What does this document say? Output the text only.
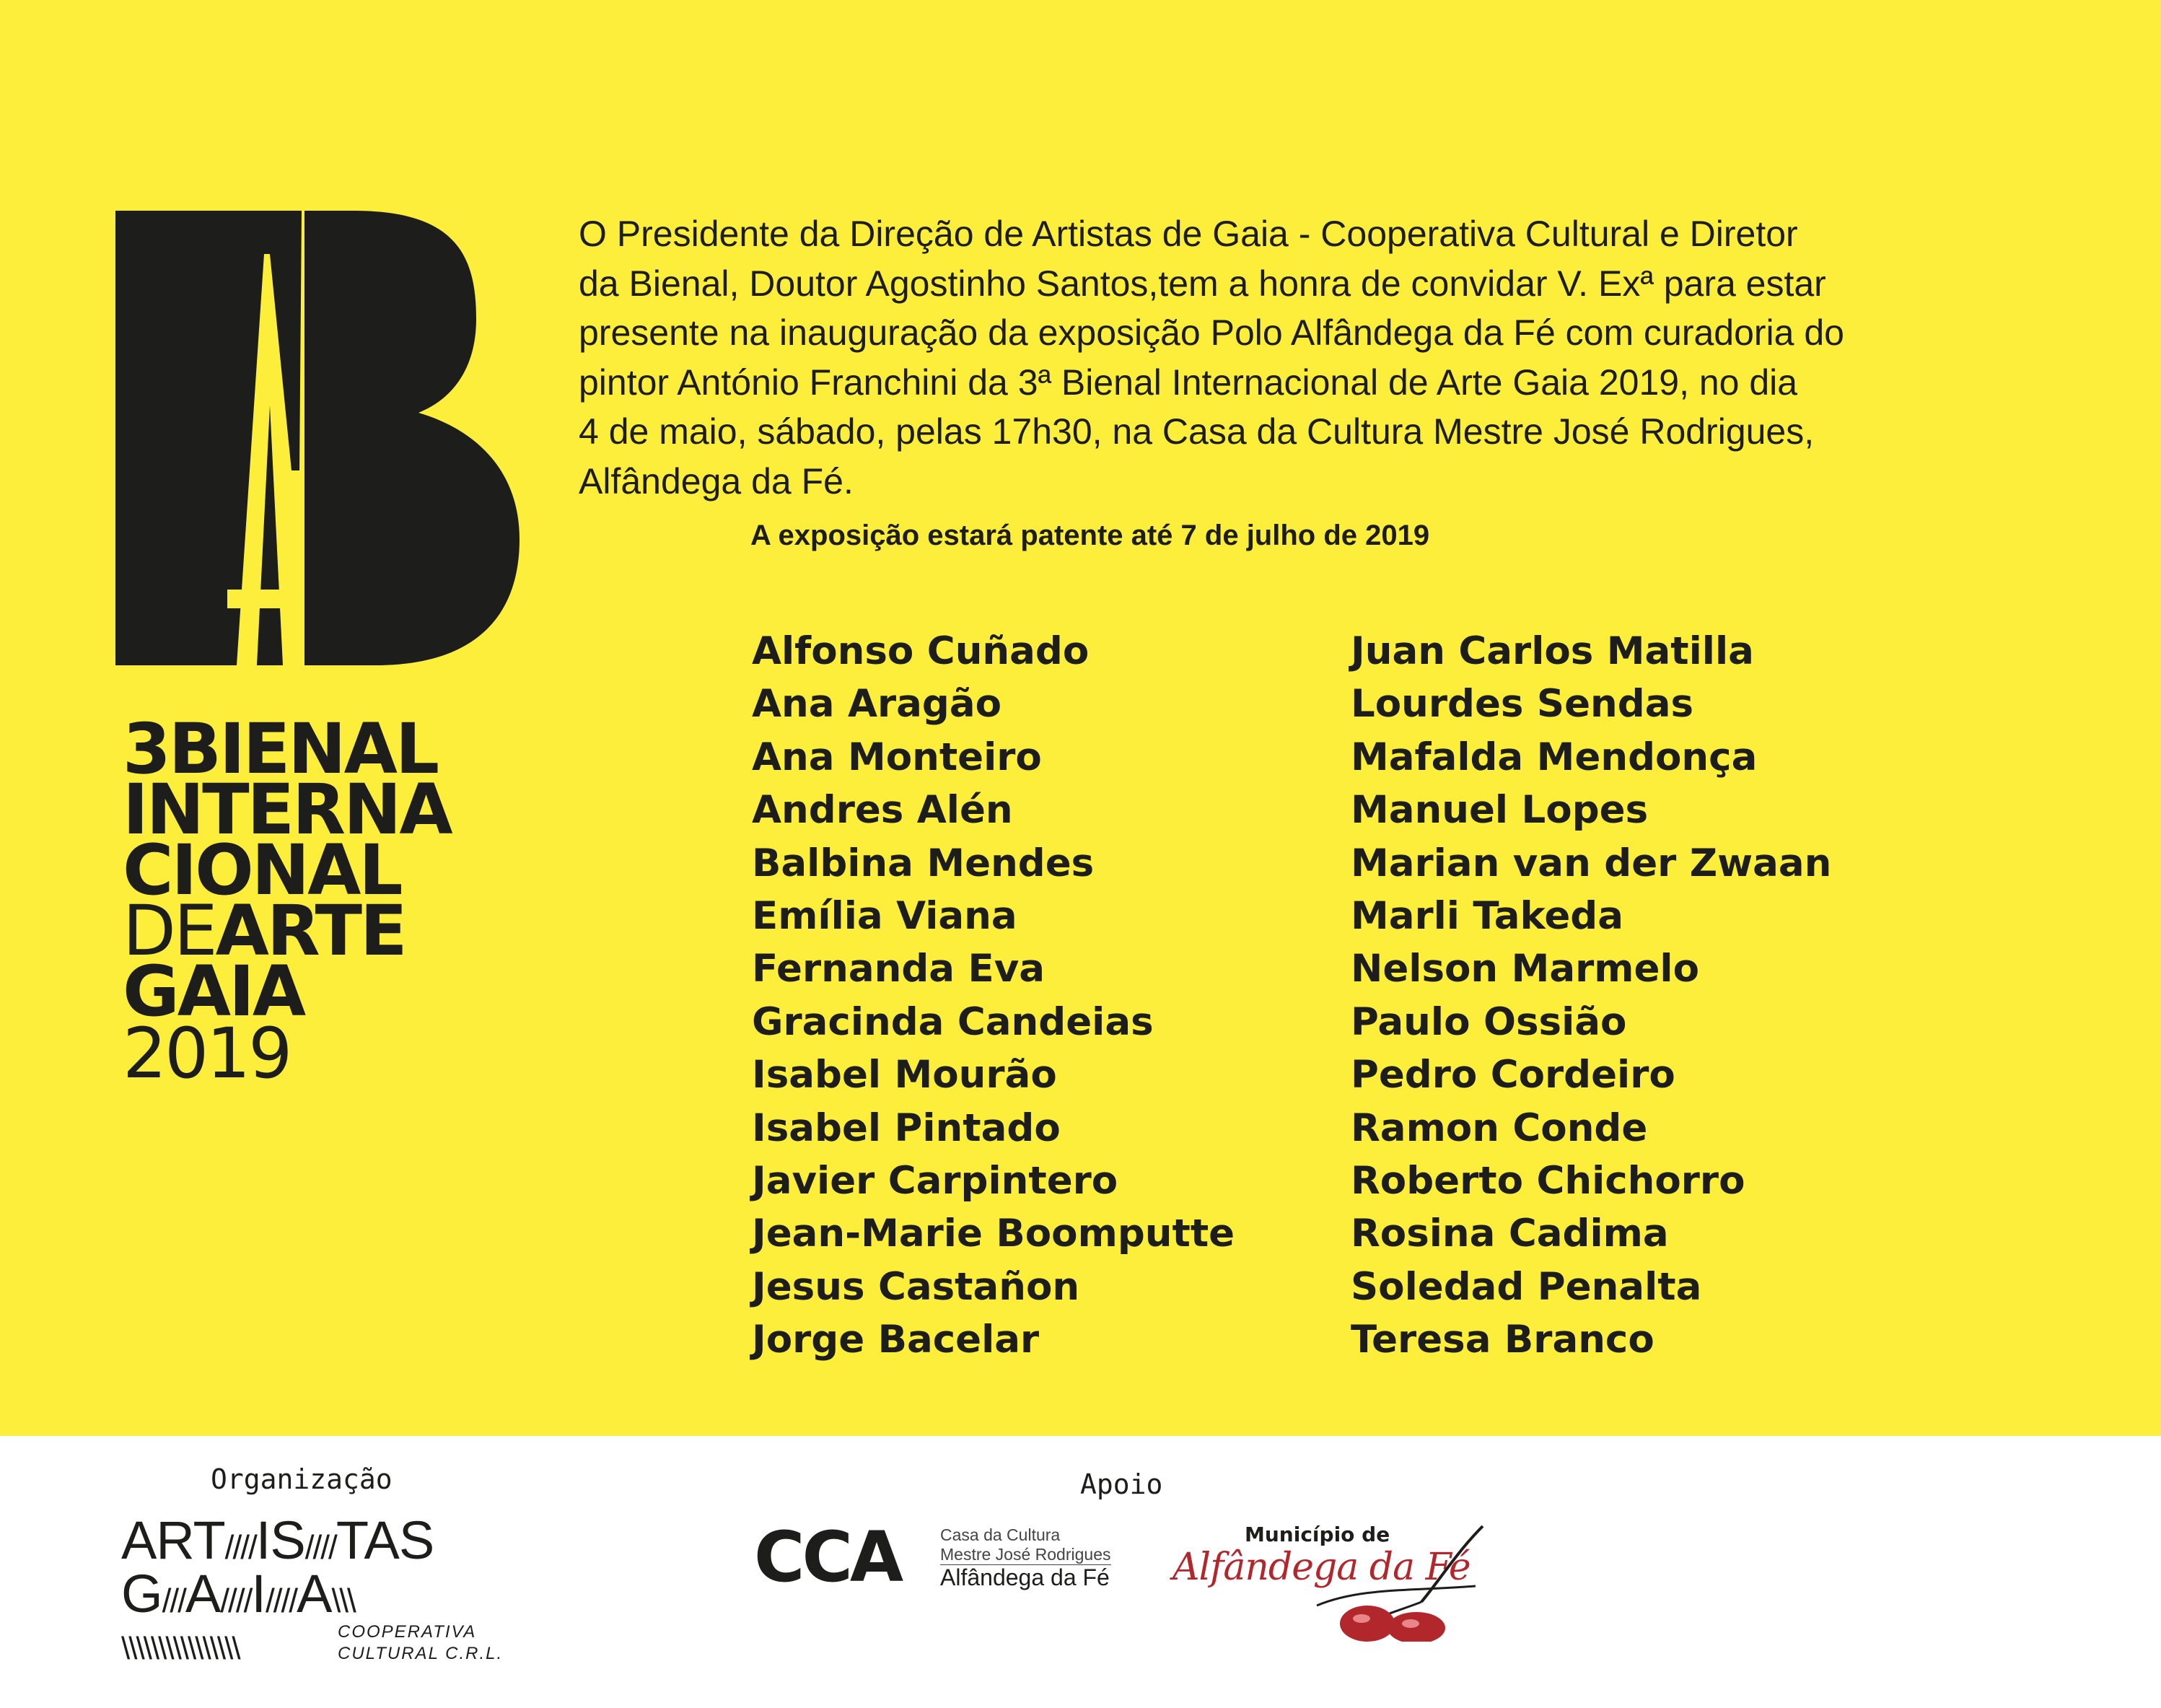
3BIENAL
INTERNA
CIONAL
DEARTE
GAIA
2019

O Presidente da Direção de Artistas de Gaia - Cooperativa Cultural e Diretor

da Bienal, Doutor Agostinho Santos,tem a honra de convidar V. Exª para estar

presente na inauguração da exposição Polo Alfândega da Fé com curadoria do

pintor António Franchini da 3ª Bienal Internacional de Arte Gaia 2019, no dia

4 de maio, sábado, pelas 17h30, na Casa da Cultura Mestre José Rodrigues,

Alfândega da Fé.

A exposição estará patente até 7 de julho de 2019
Alfonso Cuñado
Ana Aragão
Ana Monteiro
Andres Alén
Balbina Mendes
Emília Viana
Fernanda Eva
Gracinda Candeias
Isabel Mourão
Isabel Pintado
Javier Carpintero
Jean-Marie Boomputte
Jesus Castañon
Jorge Bacelar
Juan Carlos Matilla
Lourdes Sendas
Mafalda Mendonça
Manuel Lopes
Marian van der Zwaan
Marli Takeda
Nelson Marmelo
Paulo Ossião
Pedro Cordeiro
Ramon Conde
Roberto Chichorro
Rosina Cadima
Soledad Penalta
Teresa Branco
Organização	Apoio
ART////IS////TAS
G///A////I////A\\\
\\\\\\\\\\\\\\\\	COOPERATIVA
CULTURAL C.R.L.
CCA Casa da Cultura
Mestre José Rodrigues
Alfândega da Fé
Município de
Alfândega da Fé
